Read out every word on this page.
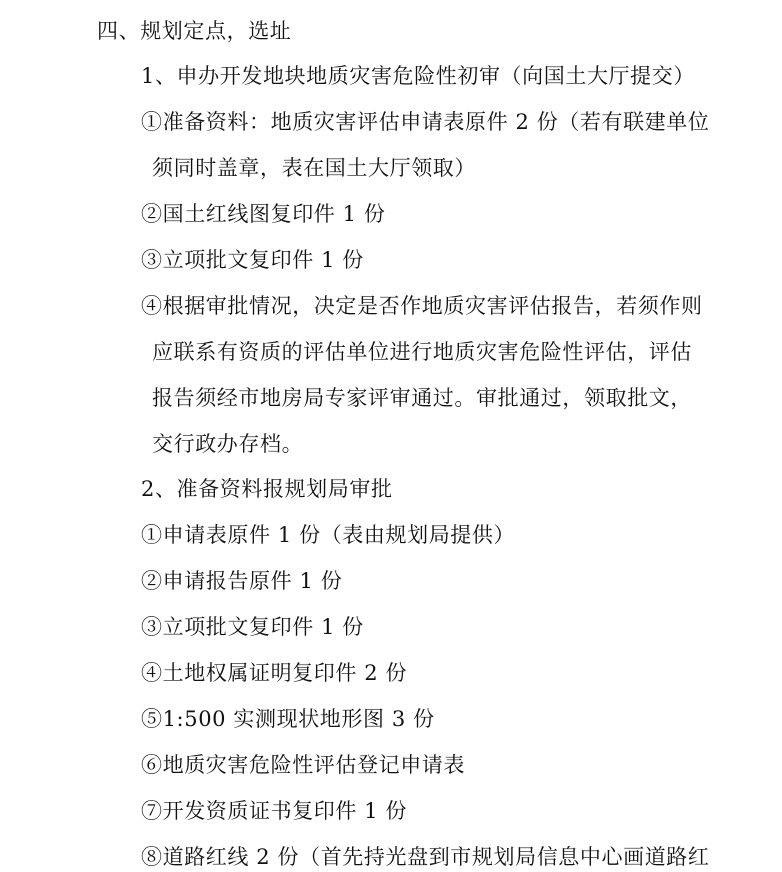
四、规划定点，选址
1、申办开发地块地质灾害危险性初审（向国土大厅提交）
①准备资料：地质灾害评估申请表原件 2 份（若有联建单位
须同时盖章，表在国土大厅领取）
②国土红线图复印件 1 份
③立项批文复印件 1 份
④根据审批情况，决定是否作地质灾害评估报告，若须作则
应联系有资质的评估单位进行地质灾害危险性评估，评估
报告须经市地房局专家评审通过。审批通过，领取批文，
交行政办存档。
2、准备资料报规划局审批
①申请表原件 1 份（表由规划局提供）
②申请报告原件 1 份
③立项批文复印件 1 份
④土地权属证明复印件 2 份
⑤1:500 实测现状地形图 3 份
⑥地质灾害危险性评估登记申请表
⑦开发资质证书复印件 1 份
⑧道路红线 2 份（首先持光盘到市规划局信息中心画道路红
